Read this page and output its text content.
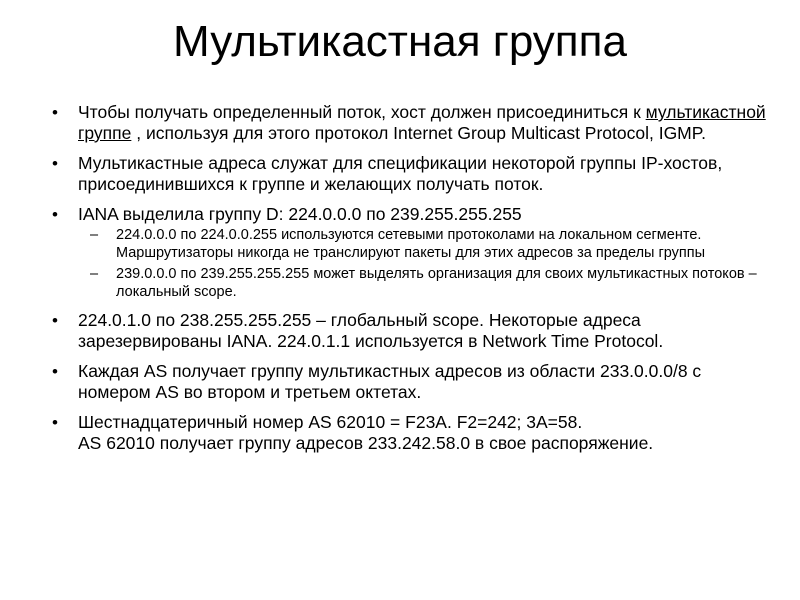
Мультикастная группа
• Чтобы получать определенный поток, хост должен присоединиться к мультикастной группе , используя для этого протокол Internet Group Multicast Protocol, IGMP.
• Мультикастные адреса служат для спецификации некоторой группы IP-хостов, присоединившихся к группе и желающих получать поток.
• IANA выделила группу D: 224.0.0.0 по 239.255.255.255
– 224.0.0.0 по 224.0.0.255 используются сетевыми протоколами на локальном сегменте. Маршрутизаторы никогда не транслируют пакеты для этих адресов за пределы группы
– 239.0.0.0 по 239.255.255.255 может выделять организация для своих мультикастных потоков – локальный scope.
• 224.0.1.0 по 238.255.255.255 – глобальный scope. Некоторые адреса зарезервированы IANA. 224.0.1.1 используется в Network Time Protocol.
• Каждая AS получает группу мультикастных адресов из области 233.0.0.0/8 с номером AS во втором и третьем октетах.
• Шестнадцатеричный номер AS 62010 = F23A. F2=242; 3A=58.
AS 62010 получает группу адресов 233.242.58.0 в свое распоряжение.
